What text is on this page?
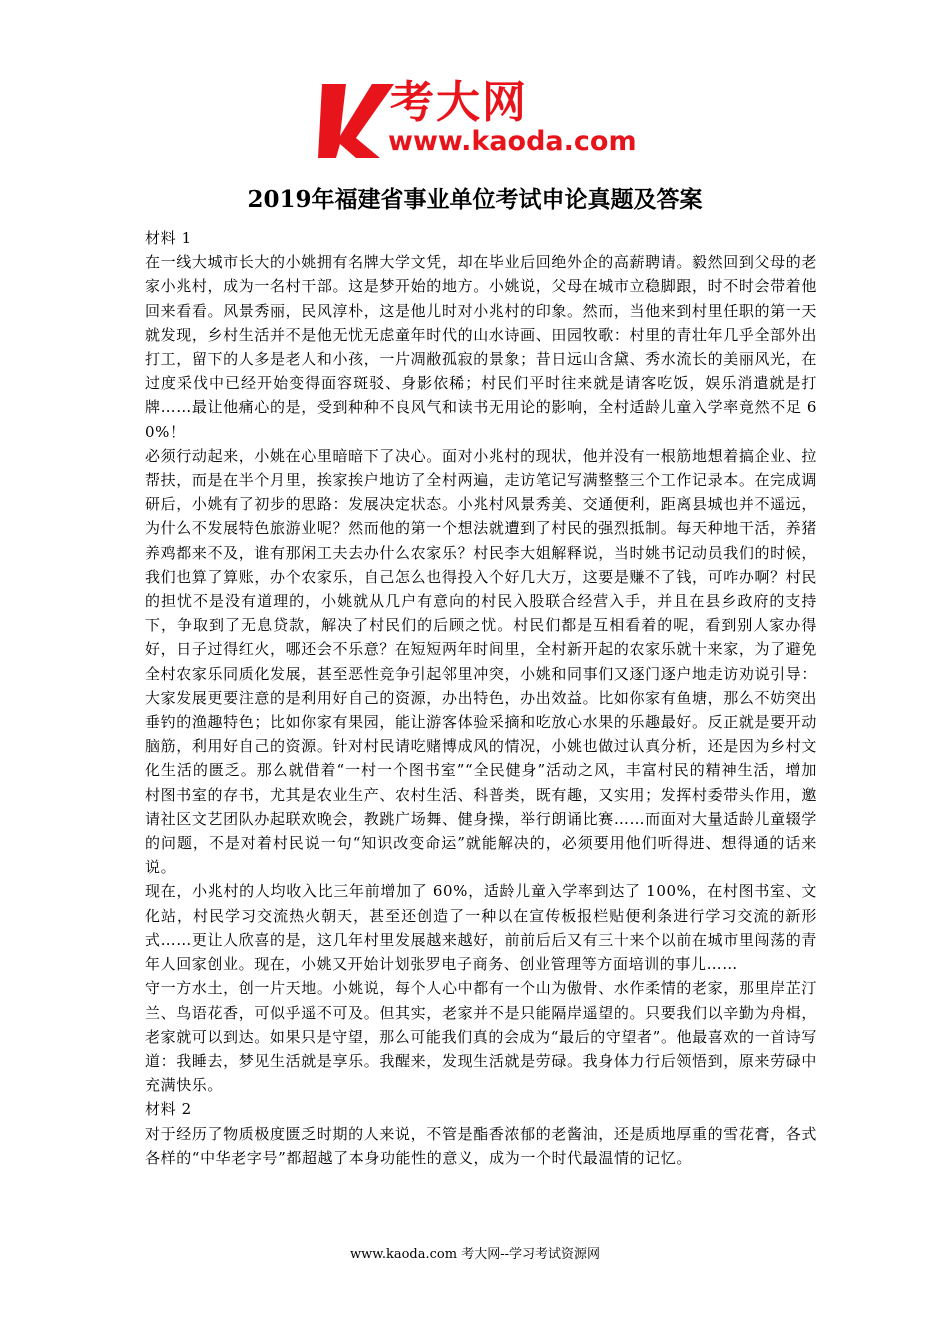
考大网
www.kaoda.com
2019年福建省事业单位考试申论真题及答案

材料 1

在一线大城市长大的小姚拥有名牌大学文凭，却在毕业后回绝外企的高薪聘请。毅然回到父母的老家小兆村，成为一名村干部。这是梦开始的地方。小姚说，父母在城市立稳脚跟，时不时会带着他回来看看。风景秀丽，民风淳朴，这是他儿时对小兆村的印象。然而，当他来到村里任职的第一天就发现，乡村生活并不是他无忧无虑童年时代的山水诗画、田园牧歌：村里的青壮年几乎全部外出打工，留下的人多是老人和小孩，一片凋敝孤寂的景象；昔日远山含黛、秀水流长的美丽风光，在过度采伐中已经开始变得面容斑驳、身影依稀；村民们平时往来就是请客吃饭，娱乐消遣就是打牌……最让他痛心的是，受到种种不良风气和读书无用论的影响，全村适龄儿童入学率竟然不足 60%！

必须行动起来，小姚在心里暗暗下了决心。面对小兆村的现状，他并没有一根筋地想着搞企业、拉帮扶，而是在半个月里，挨家挨户地访了全村两遍，走访笔记写满整整三个工作记录本。在完成调研后，小姚有了初步的思路：发展决定状态。小兆村风景秀美、交通便利，距离县城也并不遥远，为什么不发展特色旅游业呢？然而他的第一个想法就遭到了村民的强烈抵制。每天种地干活，养猪养鸡都来不及，谁有那闲工夫去办什么农家乐？村民李大姐解释说，当时姚书记动员我们的时候，我们也算了算账，办个农家乐，自己怎么也得投入个好几大万，这要是赚不了钱，可咋办啊？村民的担忧不是没有道理的，小姚就从几户有意向的村民入股联合经营入手，并且在县乡政府的支持下，争取到了无息贷款，解决了村民们的后顾之忧。村民们都是互相看着的呢，看到别人家办得好，日子过得红火，哪还会不乐意？在短短两年时间里，全村新开起的农家乐就十来家，为了避免全村农家乐同质化发展，甚至恶性竞争引起邻里冲突，小姚和同事们又逐门逐户地走访劝说引导：大家发展更要注意的是利用好自己的资源，办出特色，办出效益。比如你家有鱼塘，那么不妨突出垂钓的渔趣特色；比如你家有果园，能让游客体验采摘和吃放心水果的乐趣最好。反正就是要开动脑筋，利用好自己的资源。针对村民请吃赌博成风的情况，小姚也做过认真分析，还是因为乡村文化生活的匮乏。那么就借着“一村一个图书室”“全民健身”活动之风，丰富村民的精神生活，增加村图书室的存书，尤其是农业生产、农村生活、科普类，既有趣，又实用；发挥村委带头作用，邀请社区文艺团队办起联欢晚会，教跳广场舞、健身操，举行朗诵比赛……而面对大量适龄儿童辍学的问题，不是对着村民说一句“知识改变命运”就能解决的，必须要用他们听得进、想得通的话来说。

现在，小兆村的人均收入比三年前增加了 60%，适龄儿童入学率到达了 100%，在村图书室、文化站，村民学习交流热火朝天，甚至还创造了一种以在宣传板报栏贴便利条进行学习交流的新形式……更让人欣喜的是，这几年村里发展越来越好，前前后后又有三十来个以前在城市里闯荡的青年人回家创业。现在，小姚又开始计划张罗电子商务、创业管理等方面培训的事儿……

守一方水土，创一片天地。小姚说，每个人心中都有一个山为傲骨、水作柔情的老家，那里岸芷汀兰、鸟语花香，可似乎遥不可及。但其实，老家并不是只能隔岸遥望的。只要我们以辛勤为舟楫，老家就可以到达。如果只是守望，那么可能我们真的会成为“最后的守望者”。他最喜欢的一首诗写道：我睡去，梦见生活就是享乐。我醒来，发现生活就是劳碌。我身体力行后领悟到，原来劳碌中充满快乐。

材料 2

对于经历了物质极度匮乏时期的人来说，不管是酯香浓郁的老酱油，还是质地厚重的雪花膏，各式各样的“中华老字号”都超越了本身功能性的意义，成为一个时代最温情的记忆。

www.kaoda.com 考大网--学习考试资源网
